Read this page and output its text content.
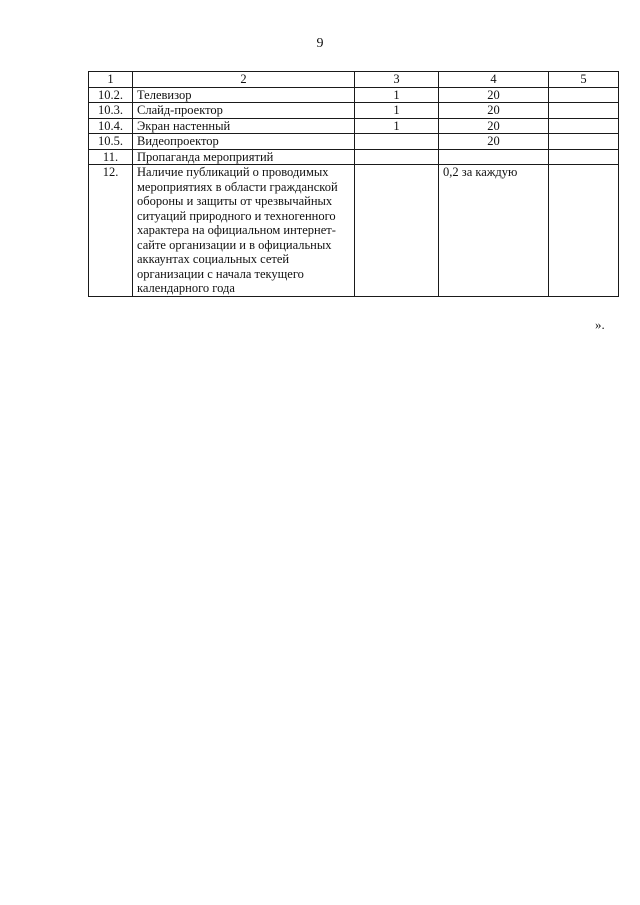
9
1	2	3	4	5
10.2.	Телевизор	1	20	
10.3.	Слайд-проектор	1	20	
10.4.	Экран настенный	1	20	
10.5.	Видеопроектор		20	
11.	Пропаганда мероприятий			
12.	Наличие публикаций о проводимых мероприятиях в области гражданской обороны и защиты от чрезвычайных ситуаций природного и техногенного характера на официальном интернет-сайте организации и в официальных аккаунтах социальных сетей организации с начала текущего календарного года		0,2 за каждую	
».
